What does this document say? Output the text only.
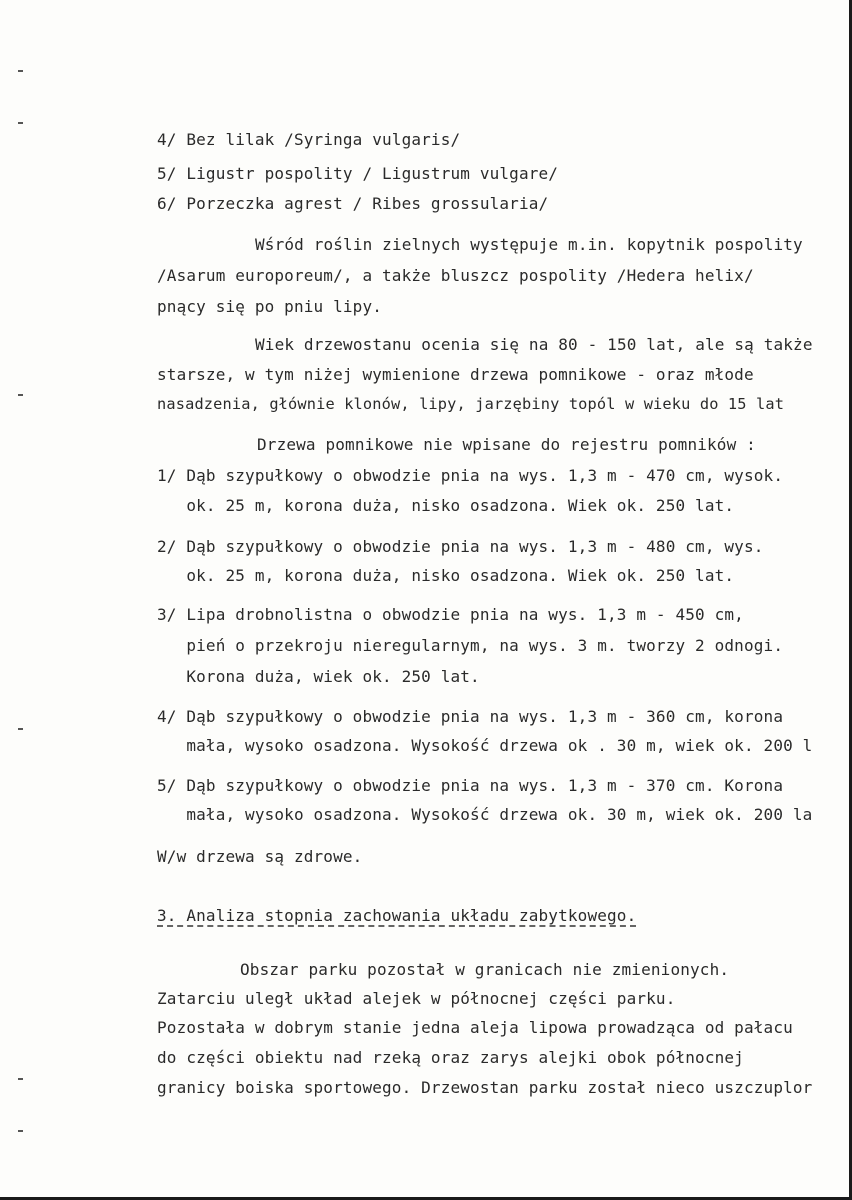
4/ Bez lilak /Syringa vulgaris/
5/ Ligustr pospolity / Ligustrum vulgare/
6/ Porzeczka agrest / Ribes grossularia/
Wśród roślin zielnych występuje m.in. kopytnik pospolity
/Asarum europoreum/, a także bluszcz pospolity /Hedera helix/
pnący się po pniu lipy.
Wiek drzewostanu ocenia się na 80 - 150 lat, ale są także
starsze, w tym niżej wymienione drzewa pomnikowe - oraz młode
nasadzenia, głównie klonów, lipy, jarzębiny topól w wieku do 15 lat
Drzewa pomnikowe nie wpisane do rejestru pomników :
1/ Dąb szypułkowy o obwodzie pnia na wys. 1,3 m - 470 cm, wysok.
ok. 25 m, korona duża, nisko osadzona. Wiek ok. 250 lat.
2/ Dąb szypułkowy o obwodzie pnia na wys. 1,3 m - 480 cm, wys.
ok. 25 m, korona duża, nisko osadzona. Wiek ok. 250 lat.
3/ Lipa drobnolistna o obwodzie pnia na wys. 1,3 m - 450 cm,
pień o przekroju nieregularnym, na wys. 3 m. tworzy 2 odnogi.
Korona duża, wiek ok. 250 lat.
4/ Dąb szypułkowy o obwodzie pnia na wys. 1,3 m - 360 cm, korona
mała, wysoko osadzona. Wysokość drzewa ok . 30 m, wiek ok. 200 l
5/ Dąb szypułkowy o obwodzie pnia na wys. 1,3 m - 370 cm. Korona
mała, wysoko osadzona. Wysokość drzewa ok. 30 m, wiek ok. 200 la
W/w drzewa są zdrowe.
3. Analiza stopnia zachowania układu zabytkowego.
Obszar parku pozostał w granicach nie zmienionych.
Zatarciu uległ układ alejek w północnej części parku.
Pozostała w dobrym stanie jedna aleja lipowa prowadząca od pałacu
do części obiektu nad rzeką oraz zarys alejki obok północnej
granicy boiska sportowego. Drzewostan parku został nieco uszczuplor
